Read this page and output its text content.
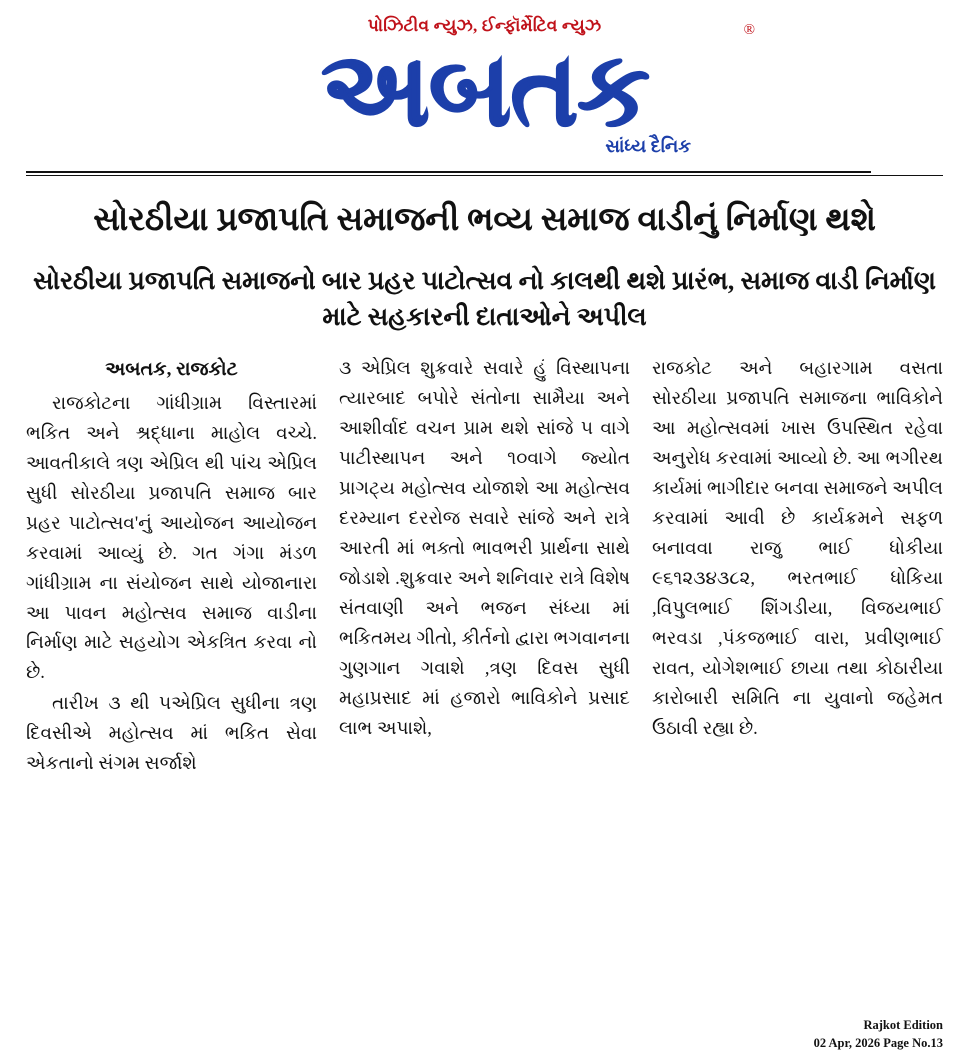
પોઝિટીવ ન્યુઝ, ઈન્ફૉર્મેટિવ ન્યુઝ
અબતક
®
સાંધ્ય દૈનિક
સોરઠીયા પ્રજાપતિ સમાજની ભવ્ય સમાજ વાડીનું નિર્માણ થશે
સોરઠીયા પ્રજાપતિ સમાજનો બાર પ્રહર પાટોત્સવ નો કાલથી થશે પ્રારંભ, સમાજ વાડી નિર્માણ માટે સહકારની દાતાઓને અપીલ
અબતક, રાજકોટ

રાજકોટના ગાંધીગ્રામ વિસ્તારમાં ભકિત અને શ્રદ્ધાના માહોલ વચ્ચે. આવતીકાલે ત્રણ એપ્રિલ થી પાંચ એપ્રિલ સુધી સોરઠીયા પ્રજાપતિ સમાજ બાર પ્રહર પાટોત્સવ'નું આયોજન આયોજન કરવામાં આવ્યું છે. ગત ગંગા મંડળ ગાંધીગ્રામ ના સંયોજન સાથે યોજાનારા આ પાવન મહોત્સવ સમાજ વાડીના નિર્માણ માટે સહયોગ એકત્રિત કરવા નો છે.

તારીખ ૩ થી ૫એપ્રિલ સુધીના ત્રણ દિવસીએ મહોત્સવ માં ભકિત સેવા એકતાનો સંગમ સર્જાશે

૩ એપ્રિલ શુક્રવારે સવારે હું વિસ્થાપના ત્યારબાદ બપોરે સંતોના સામૈયા અને આશીર્વાદ વચન પ્રામ થશે સાંજે ૫ વાગે પાટીસ્થાપન અને ૧૦વાગે જ્યોત પ્રાગટ્ય મહોત્સવ યોજાશે આ મહોત્સવ દરમ્યાન દરરોજ સવારે સાંજે અને રાત્રે આરતી માં ભક્તો ભાવભરી પ્રાર્થના સાથે જોડાશે .શુક્રવાર અને શનિવાર રાત્રે વિશેષ સંતવાણી અને ભજન સંધ્યા માં ભકિતમય ગીતો, કીર્તનો દ્વારા ભગવાનના ગુણગાન ગવાશે ,ત્રણ દિવસ સુધી મહાપ્રસાદ માં હજારો ભાવિકોને પ્રસાદ લાભ અપાશે,

રાજકોટ અને બહારગામ વસતા સોરઠીયા પ્રજાપતિ સમાજના ભાવિકોને આ મહોત્સવમાં ખાસ ઉપસ્થિત રહેવા અનુરોધ કરવામાં આવ્યો છે. આ ભગીરથ કાર્યમાં ભાગીદાર બનવા સમાજને અપીલ કરવામાં આવી છે કાર્યક્રમને સફળ બનાવવા રાજુ ભાઈ ધોકીયા ૯૬૧૨૩૪૩૮૨, ભરતભાઈ ધોકિયા ,વિપુલભાઈ શિંગડીયા, વિજયભાઈ ભરવડા ,પંકજભાઈ વારા, પ્રવીણભાઈ રાવત, યોગેશભાઈ છાયા તથા કોઠારીયા કારોબારી સમિતિ ના યુવાનો જહેમત ઉઠાવી રહ્યા છે.

Rajkot Edition
02 Apr, 2026 Page No.13
